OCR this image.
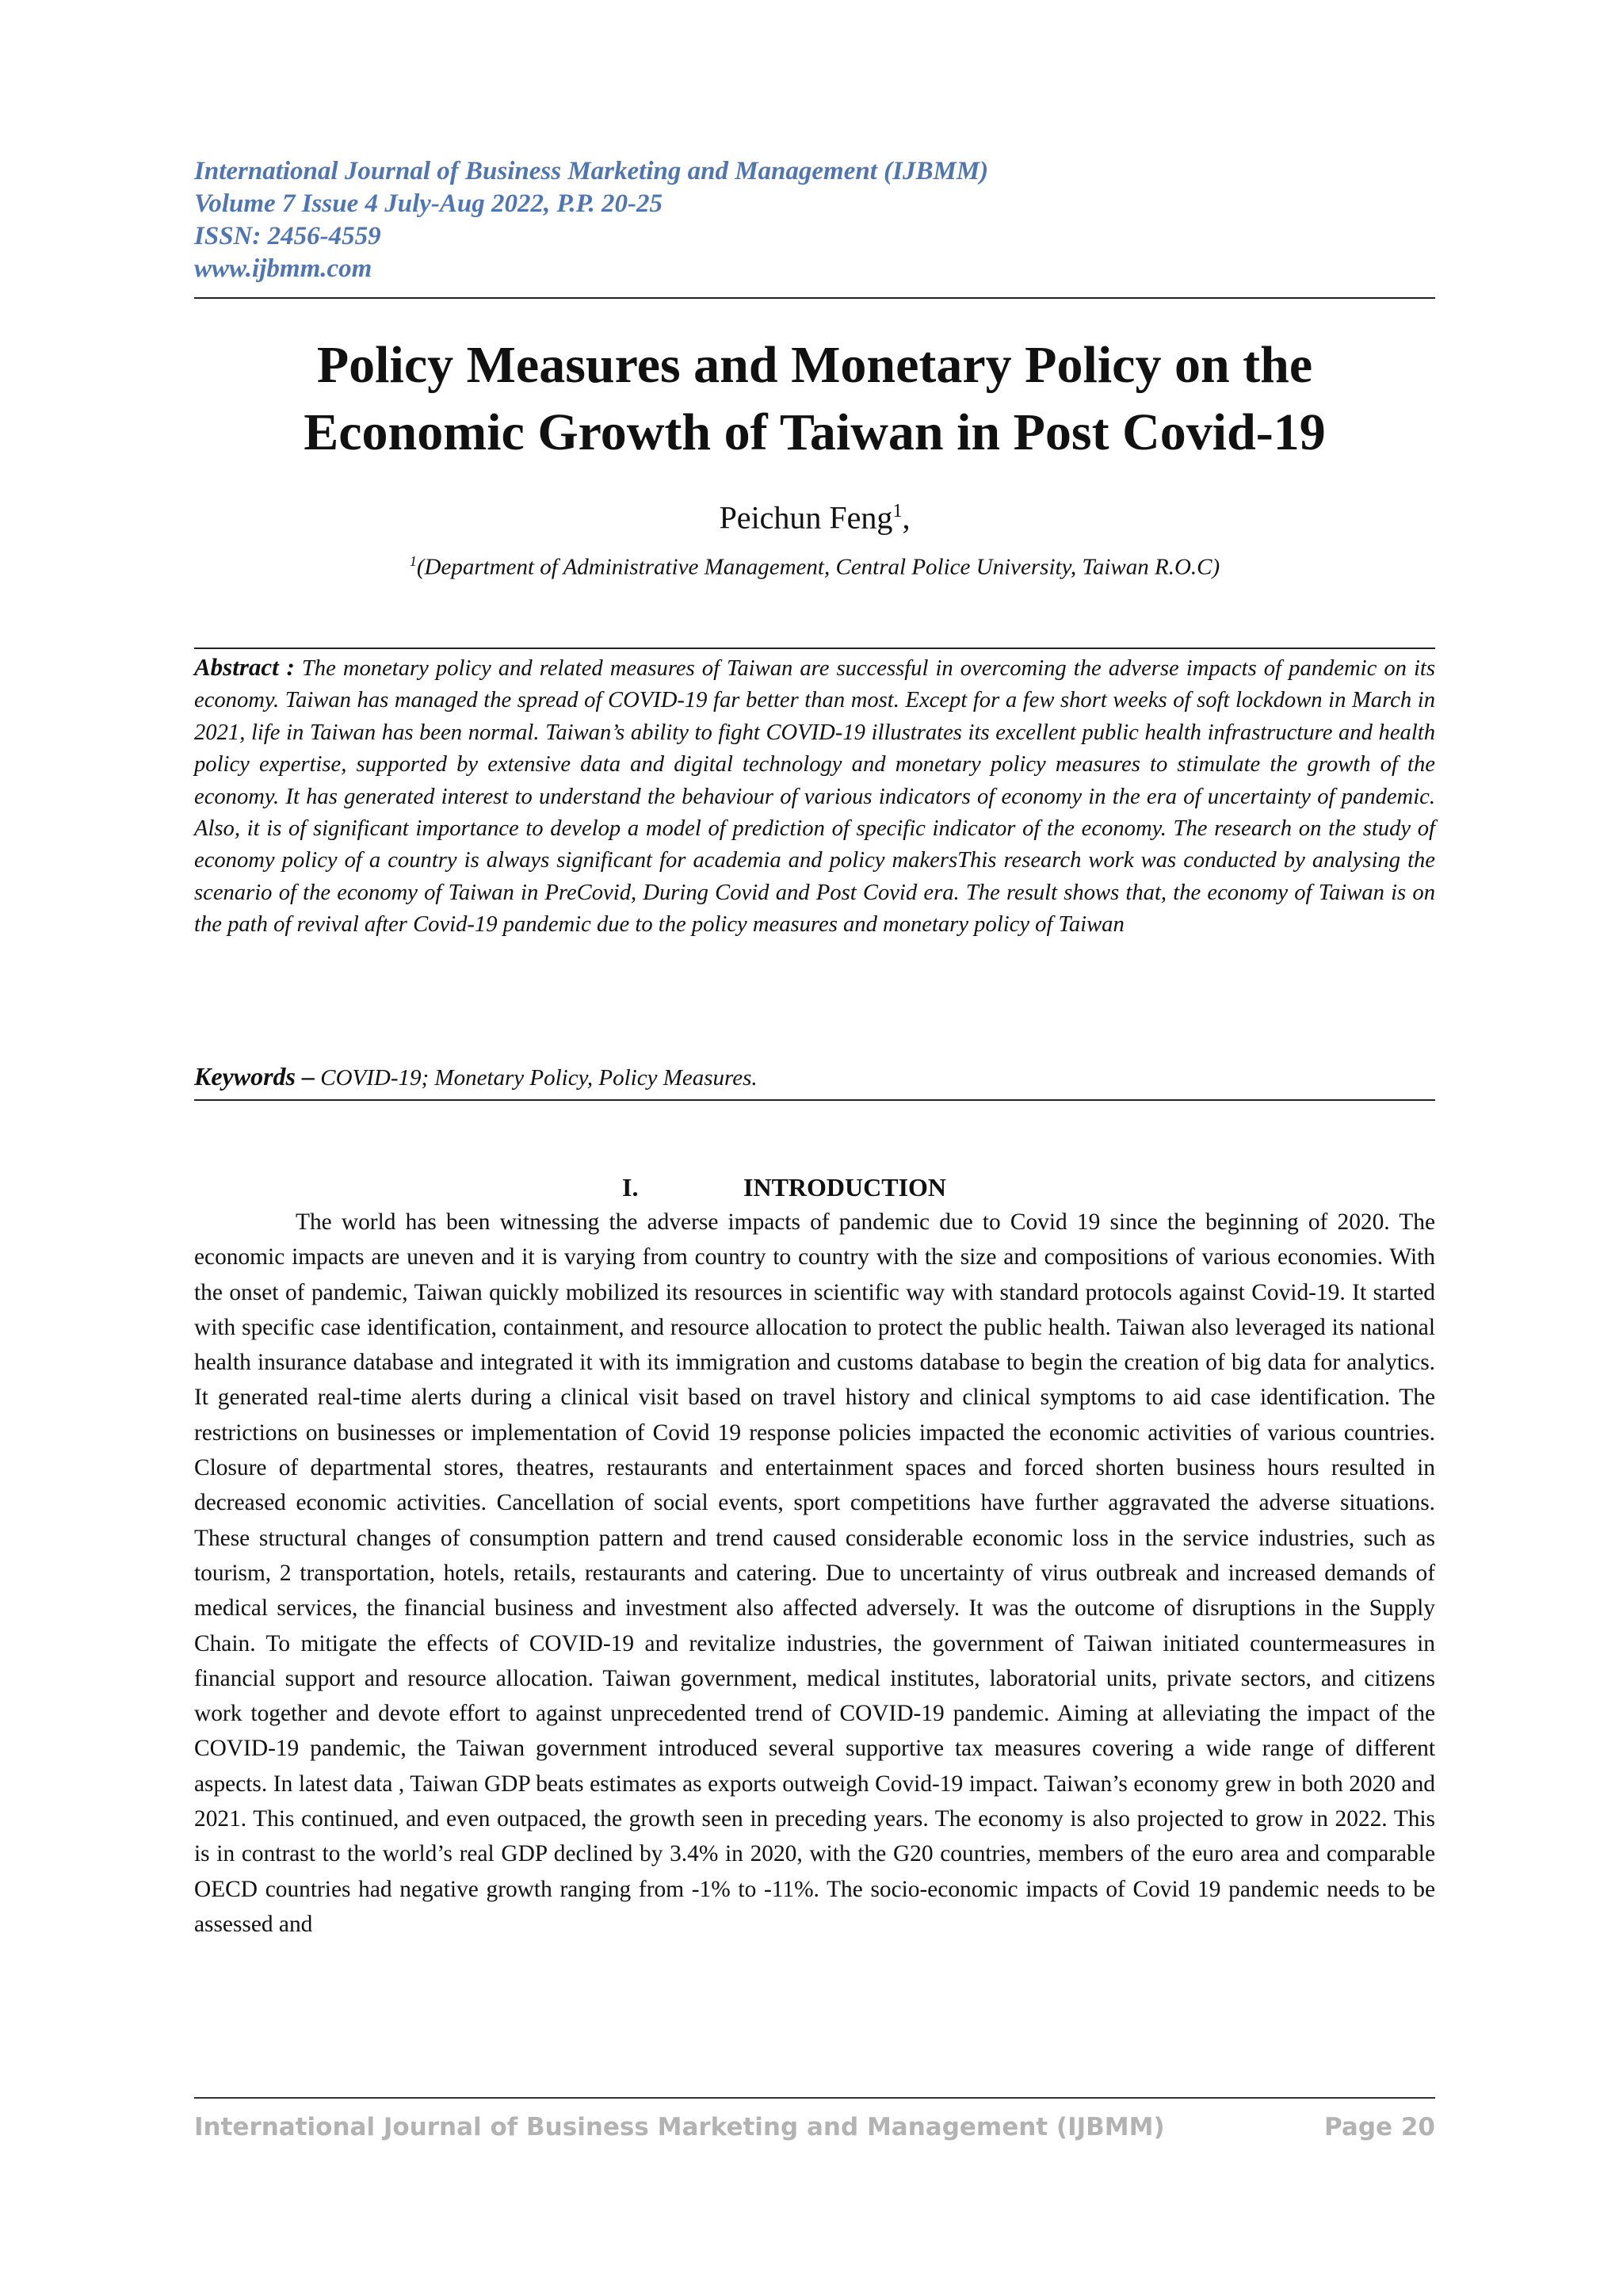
International Journal of Business Marketing and Management (IJBMM)
Volume 7 Issue 4 July-Aug 2022, P.P. 20-25
ISSN: 2456-4559
www.ijbmm.com
Policy Measures and Monetary Policy on the
Economic Growth of Taiwan in Post Covid-19
Peichun Feng$^1$,
$^1$(Department of Administrative Management, Central Police University, Taiwan R.O.C)
Abstract : The monetary policy and related measures of Taiwan are successful in overcoming the adverse impacts of pandemic on its economy. Taiwan has managed the spread of COVID-19 far better than most. Except for a few short weeks of soft lockdown in March in 2021, life in Taiwan has been normal. Taiwan’s ability to fight COVID-19 illustrates its excellent public health infrastructure and health policy expertise, supported by extensive data and digital technology and monetary policy measures to stimulate the growth of the economy. It has generated interest to understand the behaviour of various indicators of economy in the era of uncertainty of pandemic. Also, it is of significant importance to develop a model of prediction of specific indicator of the economy. The research on the study of economy policy of a country is always significant for academia and policy makersThis research work was conducted by analysing the scenario of the economy of Taiwan in PreCovid, During Covid and Post Covid era. The result shows that, the economy of Taiwan is on the path of revival after Covid-19 pandemic due to the policy measures and monetary policy of Taiwan
Keywords – COVID-19; Monetary Policy, Policy Measures.
I.	INTRODUCTION
The world has been witnessing the adverse impacts of pandemic due to Covid 19 since the beginning of 2020. The economic impacts are uneven and it is varying from country to country with the size and compositions of various economies. With the onset of pandemic, Taiwan quickly mobilized its resources in scientific way with standard protocols against Covid-19. It started with specific case identification, containment, and resource allocation to protect the public health. Taiwan also leveraged its national health insurance database and integrated it with its immigration and customs database to begin the creation of big data for analytics. It generated real-time alerts during a clinical visit based on travel history and clinical symptoms to aid case identification. The restrictions on businesses or implementation of Covid 19 response policies impacted the economic activities of various countries. Closure of departmental stores, theatres, restaurants and entertainment spaces and forced shorten business hours resulted in decreased economic activities. Cancellation of social events, sport competitions have further aggravated the adverse situations. These structural changes of consumption pattern and trend caused considerable economic loss in the service industries, such as tourism, 2 transportation, hotels, retails, restaurants and catering. Due to uncertainty of virus outbreak and increased demands of medical services, the financial business and investment also affected adversely. It was the outcome of disruptions in the Supply Chain. To mitigate the effects of COVID-19 and revitalize industries, the government of Taiwan initiated countermeasures in financial support and resource allocation. Taiwan government, medical institutes, laboratorial units, private sectors, and citizens work together and devote effort to against unprecedented trend of COVID-19 pandemic. Aiming at alleviating the impact of the COVID-19 pandemic, the Taiwan government introduced several supportive tax measures covering a wide range of different aspects. In latest data , Taiwan GDP beats estimates as exports outweigh Covid-19 impact. Taiwan’s economy grew in both 2020 and 2021. This continued, and even outpaced, the growth seen in preceding years. The economy is also projected to grow in 2022. This is in contrast to the world’s real GDP declined by 3.4% in 2020, with the G20 countries, members of the euro area and comparable OECD countries had negative growth ranging from -1% to -11%. The socio-economic impacts of Covid 19 pandemic needs to be assessed and
International Journal of Business Marketing and Management (IJBMM)	Page 20
